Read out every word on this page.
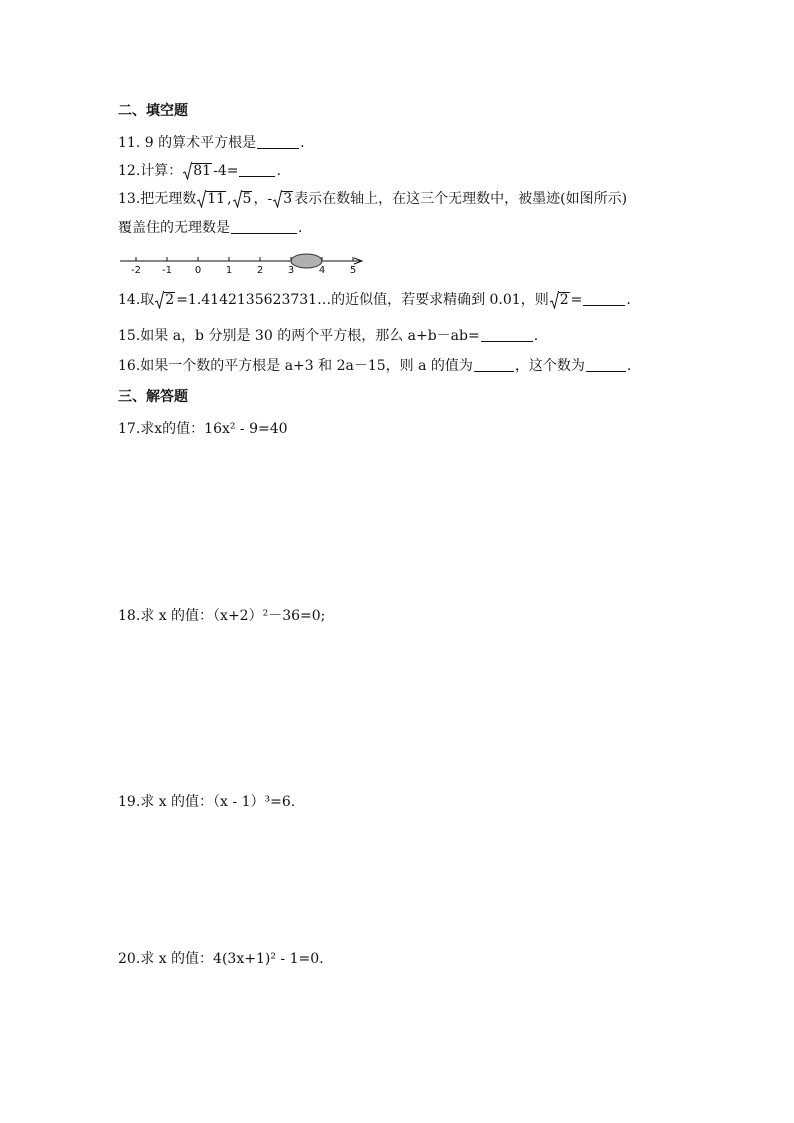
二、填空题
11. 9 的算术平方根是	.
12.计算： 81 -4=	.
13.把无理数 11 , 5 ，- 3 表示在数轴上，在这三个无理数中，被墨迹(如图所示)
覆盖住的无理数是	.
-2 -1 0 1 2 3 4 5
14.取 2 =1.4142135623731…的近似值，若要求精确到 0.01，则 2 =	.
15.如果 a，b 分别是 30 的两个平方根，那么 a+b－ab=	.
16.如果一个数的平方根是 a+3 和 2a－15，则 a 的值为	，这个数为	.
三、解答题
17.求x的值：16x² - 9=40
18.求 x 的值：（x+2）²－36=0;
19.求 x 的值：（x - 1）³=6.
20.求 x 的值：4(3x+1)² - 1=0.
